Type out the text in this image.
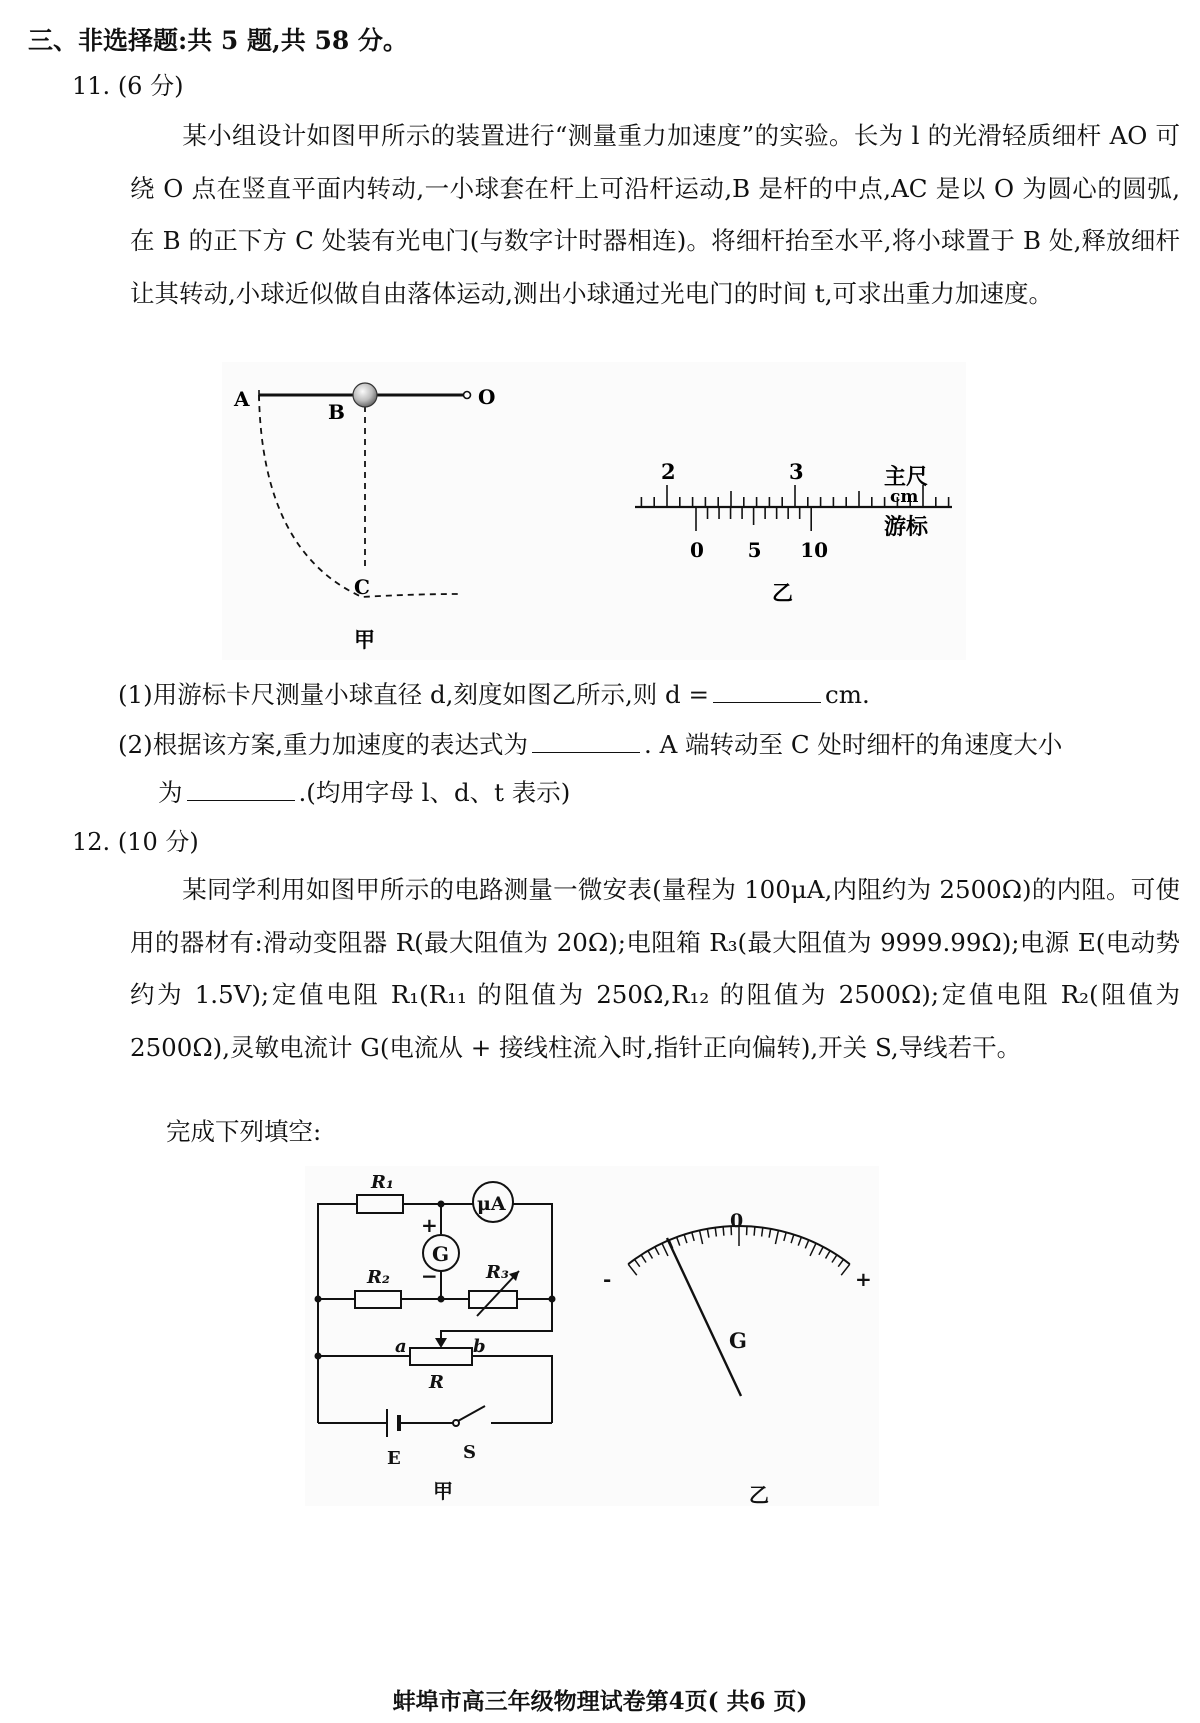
三、非选择题:共 5 题,共 58 分。
11. (6 分)
某小组设计如图甲所示的装置进行“测量重力加速度”的实验。长为 l 的光滑轻质细杆 AO 可绕 O 点在竖直平面内转动,一小球套在杆上可沿杆运动,B 是杆的中点,AC 是以 O 为圆心的圆弧,在 B 的正下方 C 处装有光电门(与数字计时器相连)。将细杆抬至水平,将小球置于 B 处,释放细杆让其转动,小球近似做自由落体运动,测出小球通过光电门的时间 t,可求出重力加速度。
A
B
O
C
甲
2	3
0 5 10
主尺
cm
游标
乙
(1)用游标卡尺测量小球直径 d,刻度如图乙所示,则 d =	cm.
(2)根据该方案,重力加速度的表达式为	. A 端转动至 C 处时细杆的角速度大小
为	.(均用字母 l、d、t 表示)
12. (10 分)
某同学利用如图甲所示的电路测量一微安表(量程为 100μA,内阻约为 2500Ω)的内阻。可使用的器材有:滑动变阻器 R(最大阻值为 20Ω);电阻箱 R₃(最大阻值为 9999.99Ω);电源 E(电动势约为 1.5V);定值电阻 R₁(R₁₁ 的阻值为 250Ω,R₁₂ 的阻值为 2500Ω);定值电阻 R₂(阻值为 2500Ω),灵敏电流计 G(电流从 + 接线柱流入时,指针正向偏转),开关 S,导线若干。
完成下列填空:
R₁
μA
G
+
−
R₂	R₃
a	b
R
E	S
甲
0
-	+
G
乙
蚌埠市高三年级物理试卷第4页( 共6 页)
